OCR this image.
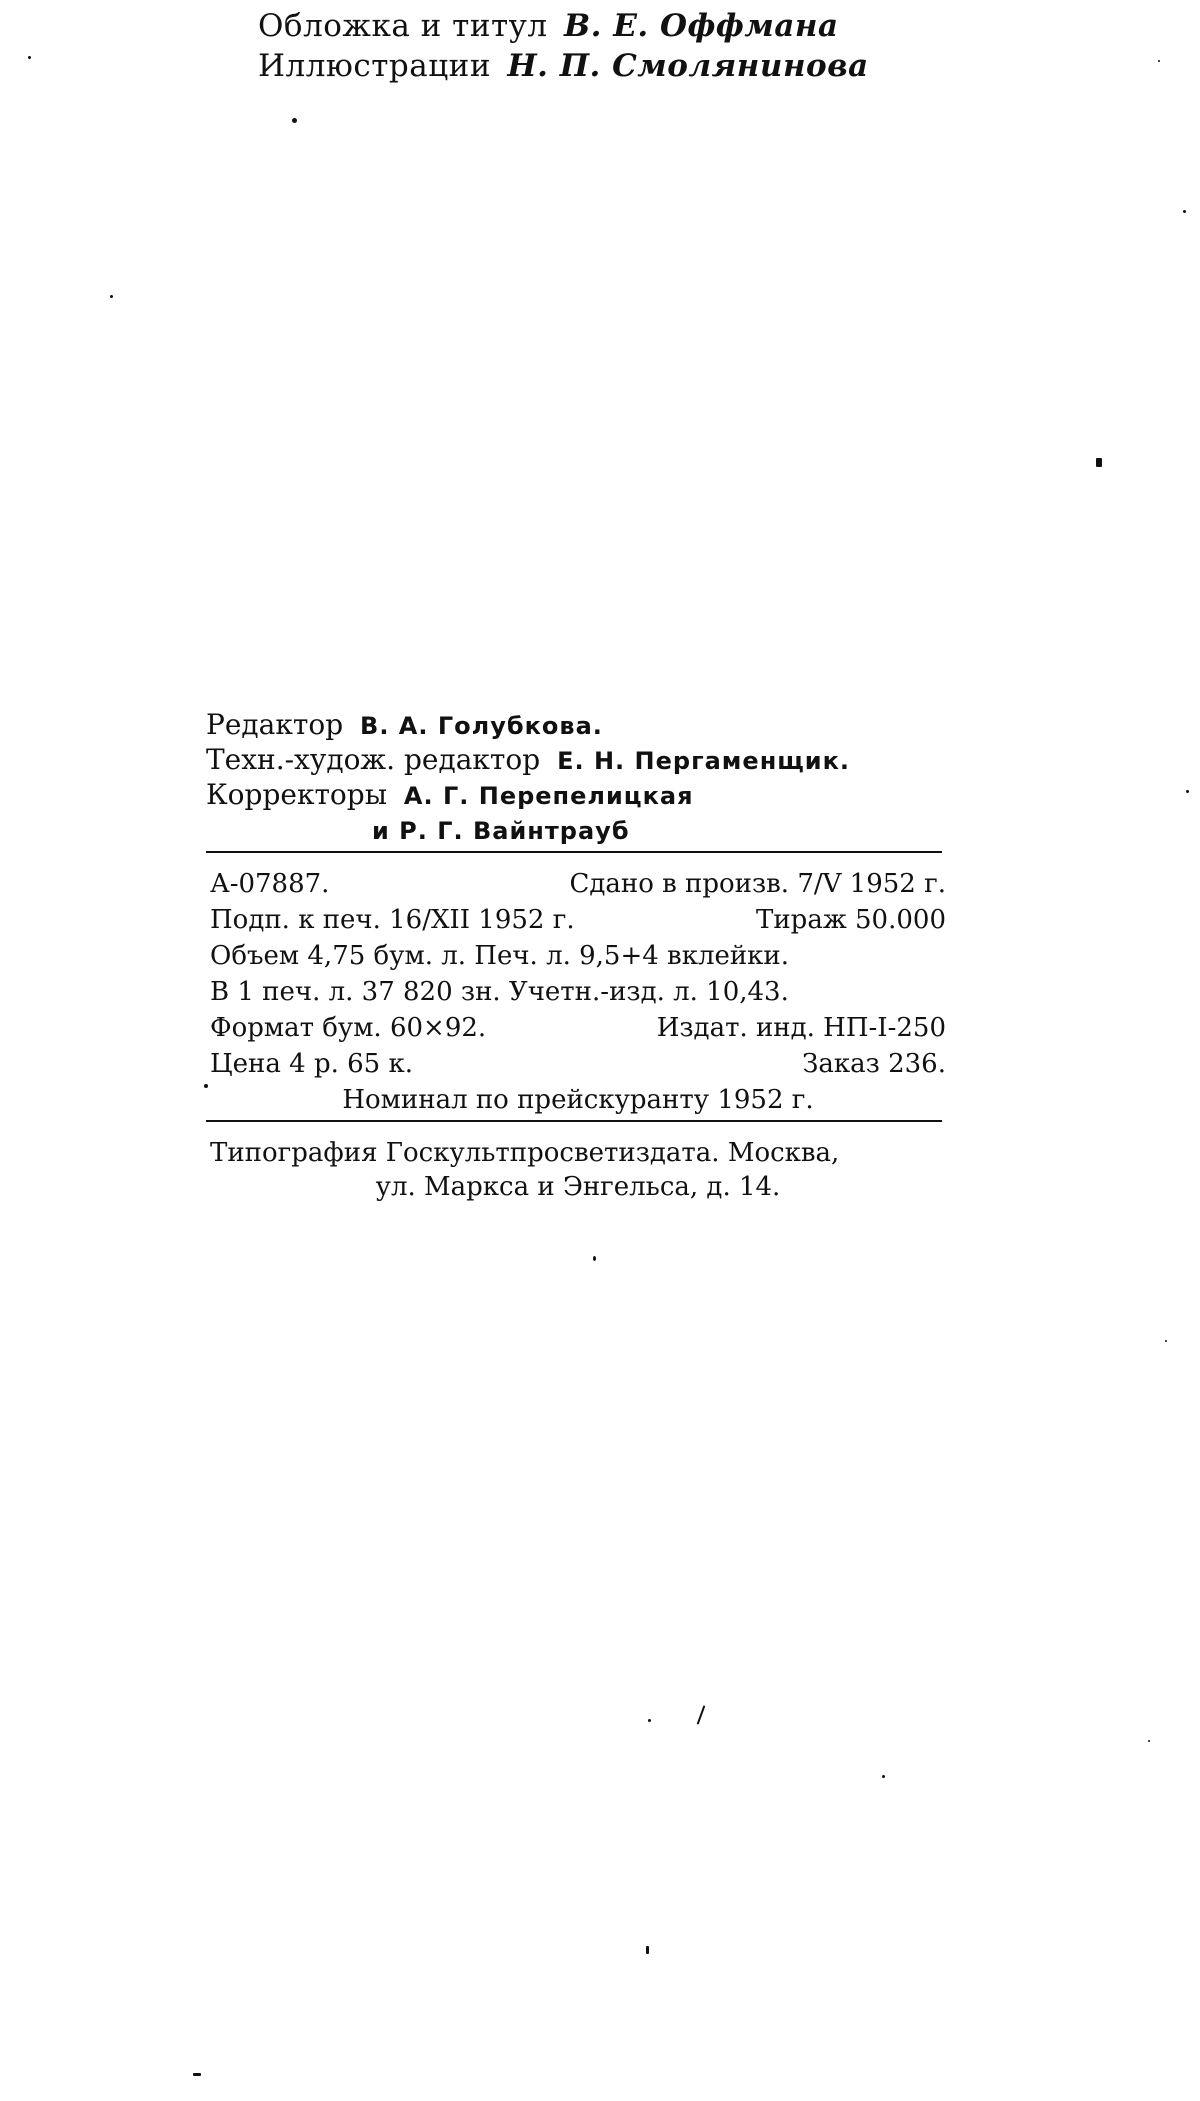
Обложка и титул В. Е. Оффмана
Иллюстрации Н. П. Смолянинова
Редактор В. А. Голубкова.
Техн.-худож. редактор Е. Н. Пергаменщик.
Корректоры А. Г. Перепелицкая
и Р. Г. Вайнтрауб
А-07887.	Сдано в произв. 7/V 1952 г.
Подп. к печ. 16/XII 1952 г.	Тираж 50.000
Объем 4,75 бум. л. Печ. л. 9,5+4 вклейки.
В 1 печ. л. 37 820 зн. Учетн.-изд. л. 10,43.
Формат бум. 60×92.	Издат. инд. НП-I-250
Цена 4 р. 65 к.	Заказ 236.
Номинал по прейскуранту 1952 г.
Типография Госкультпросветиздата. Москва,
ул. Маркса и Энгельса, д. 14.
